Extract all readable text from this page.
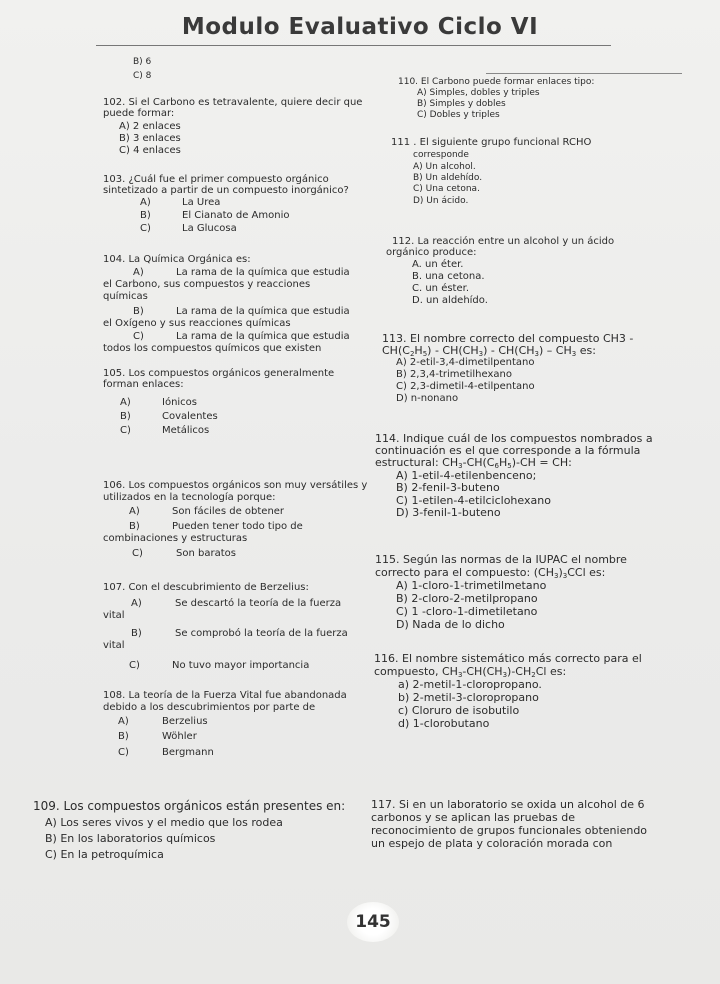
Modulo Evaluativo Ciclo VI
B) 6
C) 8
102. Si el Carbono es tetravalente, quiere decir que
puede formar:
A) 2 enlaces
B) 3 enlaces
C) 4 enlaces
103. ¿Cuál fue el primer compuesto orgánico
sintetizado a partir de un compuesto inorgánico?
A)	La Urea
B)	El Cianato de Amonio
C)	La Glucosa
104. La Química Orgánica es:
A)	La rama de la química que estudia
el Carbono, sus compuestos y reacciones
químicas
B)	La rama de la química que estudia
el Oxígeno y sus reacciones químicas
C)	La rama de la química que estudia
todos los compuestos químicos que existen
105. Los compuestos orgánicos generalmente
forman enlaces:
A)	Iónicos
B)	Covalentes
C)	Metálicos
106. Los compuestos orgánicos son muy versátiles y
utilizados en la tecnología porque:
A)	Son fáciles de obtener
B)	Pueden tener todo tipo de
combinaciones y estructuras
C)	Son baratos
107. Con el descubrimiento de Berzelius:
A)	Se descartó la teoría de la fuerza
vital
B)	Se comprobó la teoría de la fuerza
vital
C)	No tuvo mayor importancia
108. La teoría de la Fuerza Vital fue abandonada
debido a los descubrimientos por parte de
A)	Berzelius
B)	Wöhler
C)	Bergmann
109. Los compuestos orgánicos están presentes en:
A) Los seres vivos y el medio que los rodea
B) En los laboratorios químicos
C) En la petroquímica
110. El Carbono puede formar enlaces tipo:
A) Simples, dobles y triples
B) Simples y dobles
C) Dobles y triples
111 . El siguiente grupo funcional RCHO
corresponde
A) Un alcohol.
B) Un aldehído.
C) Una cetona.
D) Un ácido.
112. La reacción entre un alcohol y un ácido
orgánico produce:
A. un éter.
B. una cetona.
C. un éster.
D. un aldehído.
113. El nombre correcto del compuesto CH3 -
$CH(C_2H_5) - CH(CH_3) - CH(CH_3) - CH_3$ es:
A) 2-etil-3,4-dimetilpentano
B) 2,3,4-trimetilhexano
C) 2,3-dimetil-4-etilpentano
D) n-nonano
114. Indique cuál de los compuestos nombrados a
continuación es el que corresponde a la fórmula
estructural: $CH_3-CH(C_6H_5)-CH$ = CH:
A) 1-etil-4-etilenbenceno;
B) 2-fenil-3-buteno
C) 1-etilen-4-etilciclohexano
D) 3-fenil-1-buteno
115. Según las normas de la IUPAC el nombre
correcto para el compuesto: $(CH_3)_3CCl$ es:
A) 1-cloro-1-trimetilmetano
B) 2-cloro-2-metilpropano
C) 1 -cloro-1-dimetiletano
D) Nada de lo dicho
116. El nombre sistemático más correcto para el
compuesto, $CH_3-CH(CH_3)-CH_2Cl$ es:
a) 2-metil-1-cloropropano.
b) 2-metil-3-cloropropano
c) Cloruro de isobutilo
d) 1-clorobutano
117. Si en un laboratorio se oxida un alcohol de 6
carbonos y se aplican las pruebas de
reconocimiento de grupos funcionales obteniendo
un espejo de plata y coloración morada con
145
